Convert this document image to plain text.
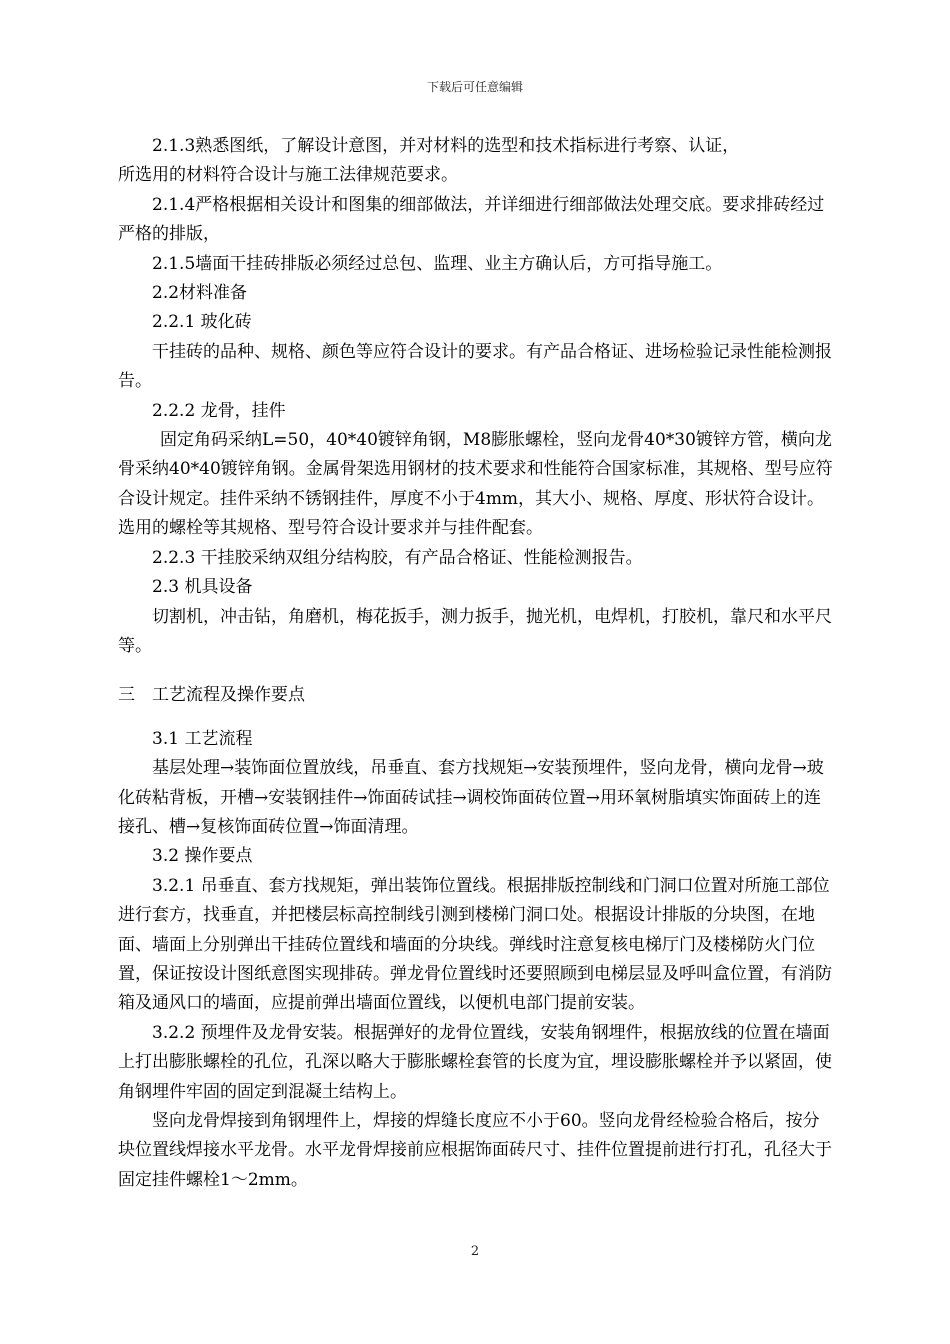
下载后可任意编辑

2.1.3熟悉图纸，了解设计意图，并对材料的选型和技术指标进行考察、认证，

所选用的材料符合设计与施工法律规范要求。

2.1.4严格根据相关设计和图集的细部做法，并详细进行细部做法处理交底。要求排砖经过严格的排版，

2.1.5墙面干挂砖排版必须经过总包、监理、业主方确认后，方可指导施工。

2.2材料准备

2.2.1 玻化砖

干挂砖的品种、规格、颜色等应符合设计的要求。有产品合格证、进场检验记录性能检测报告。

2.2.2 龙骨，挂件

固定角码采纳L=50，40*40镀锌角钢，M8膨胀螺栓，竖向龙骨40*30镀锌方管，横向龙骨采纳40*40镀锌角钢。金属骨架选用钢材的技术要求和性能符合国家标准，其规格、型号应符合设计规定。挂件采纳不锈钢挂件，厚度不小于4mm，其大小、规格、厚度、形状符合设计。选用的螺栓等其规格、型号符合设计要求并与挂件配套。

2.2.3 干挂胶采纳双组分结构胶，有产品合格证、性能检测报告。

2.3 机具设备

切割机，冲击钻，角磨机，梅花扳手，测力扳手，抛光机，电焊机，打胶机，靠尺和水平尺等。

三　工艺流程及操作要点

3.1 工艺流程

基层处理→装饰面位置放线，吊垂直、套方找规矩→安装预埋件，竖向龙骨，横向龙骨→玻化砖粘背板，开槽→安装钢挂件→饰面砖试挂→调校饰面砖位置→用环氧树脂填实饰面砖上的连接孔、槽→复核饰面砖位置→饰面清理。

3.2 操作要点

3.2.1 吊垂直、套方找规矩，弹出装饰位置线。根据排版控制线和门洞口位置对所施工部位进行套方，找垂直，并把楼层标高控制线引测到楼梯门洞口处。根据设计排版的分块图，在地面、墙面上分别弹出干挂砖位置线和墙面的分块线。弹线时注意复核电梯厅门及楼梯防火门位置，保证按设计图纸意图实现排砖。弹龙骨位置线时还要照顾到电梯层显及呼叫盒位置，有消防箱及通风口的墙面，应提前弹出墙面位置线，以便机电部门提前安装。

3.2.2 预埋件及龙骨安装。根据弹好的龙骨位置线，安装角钢埋件，根据放线的位置在墙面上打出膨胀螺栓的孔位，孔深以略大于膨胀螺栓套管的长度为宜，埋设膨胀螺栓并予以紧固，使角钢埋件牢固的固定到混凝土结构上。

竖向龙骨焊接到角钢埋件上，焊接的焊缝长度应不小于60。竖向龙骨经检验合格后，按分块位置线焊接水平龙骨。水平龙骨焊接前应根据饰面砖尺寸、挂件位置提前进行打孔，孔径大于固定挂件螺栓1～2mm。

2
